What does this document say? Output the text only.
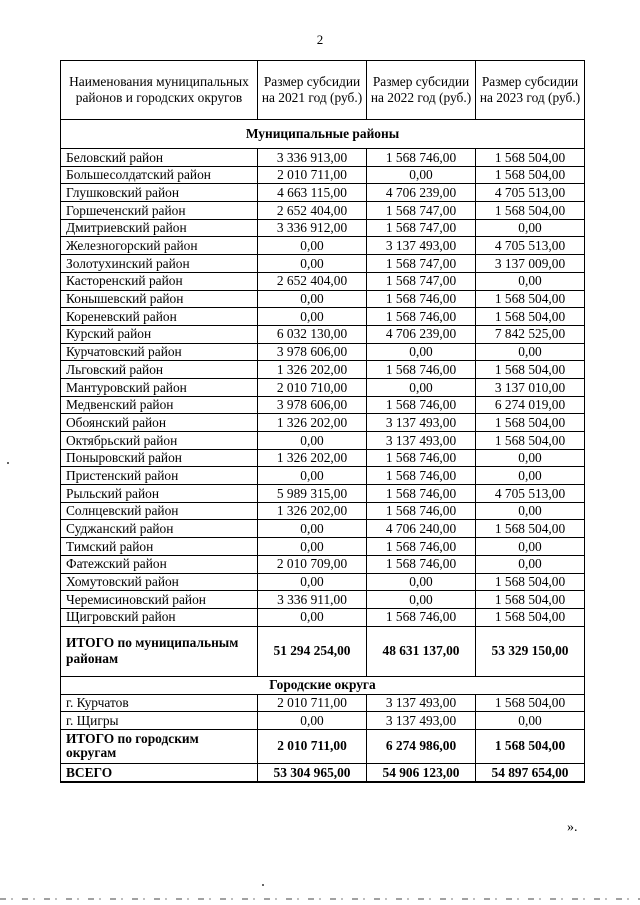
2
Наименования муниципальных районов и городских округов	Размер субсидии на 2021 год (руб.)	Размер субсидии на 2022 год (руб.)	Размер субсидии на 2023 год (руб.)
Муниципальные районы			
Беловский район	3 336 913,00	1 568 746,00	1 568 504,00
Большесолдатский район	2 010 711,00	0,00	1 568 504,00
Глушковский район	4 663 115,00	4 706 239,00	4 705 513,00
Горшеченский район	2 652 404,00	1 568 747,00	1 568 504,00
Дмитриевский район	3 336 912,00	1 568 747,00	0,00
Железногорский район	0,00	3 137 493,00	4 705 513,00
Золотухинский район	0,00	1 568 747,00	3 137 009,00
Касторенский район	2 652 404,00	1 568 747,00	0,00
Конышевский район	0,00	1 568 746,00	1 568 504,00
Кореневский район	0,00	1 568 746,00	1 568 504,00
Курский район	6 032 130,00	4 706 239,00	7 842 525,00
Курчатовский район	3 978 606,00	0,00	0,00
Льговский район	1 326 202,00	1 568 746,00	1 568 504,00
Мантуровский район	2 010 710,00	0,00	3 137 010,00
Медвенский район	3 978 606,00	1 568 746,00	6 274 019,00
Обоянский район	1 326 202,00	3 137 493,00	1 568 504,00
Октябрьский район	0,00	3 137 493,00	1 568 504,00
Поныровский район	1 326 202,00	1 568 746,00	0,00
Пристенский район	0,00	1 568 746,00	0,00
Рыльский район	5 989 315,00	1 568 746,00	4 705 513,00
Солнцевский район	1 326 202,00	1 568 746,00	0,00
Суджанский район	0,00	4 706 240,00	1 568 504,00
Тимский район	0,00	1 568 746,00	0,00
Фатежский район	2 010 709,00	1 568 746,00	0,00
Хомутовский район	0,00	0,00	1 568 504,00
Черемисиновский район	3 336 911,00	0,00	1 568 504,00
Щигровский район	0,00	1 568 746,00	1 568 504,00
ИТОГО по муниципальным районам	51 294 254,00	48 631 137,00	53 329 150,00
Городские округа			
г. Курчатов	2 010 711,00	3 137 493,00	1 568 504,00
г. Щигры	0,00	3 137 493,00	0,00
ИТОГО по городским округам	2 010 711,00	6 274 986,00	1 568 504,00
ВСЕГО	53 304 965,00	54 906 123,00	54 897 654,00
».
